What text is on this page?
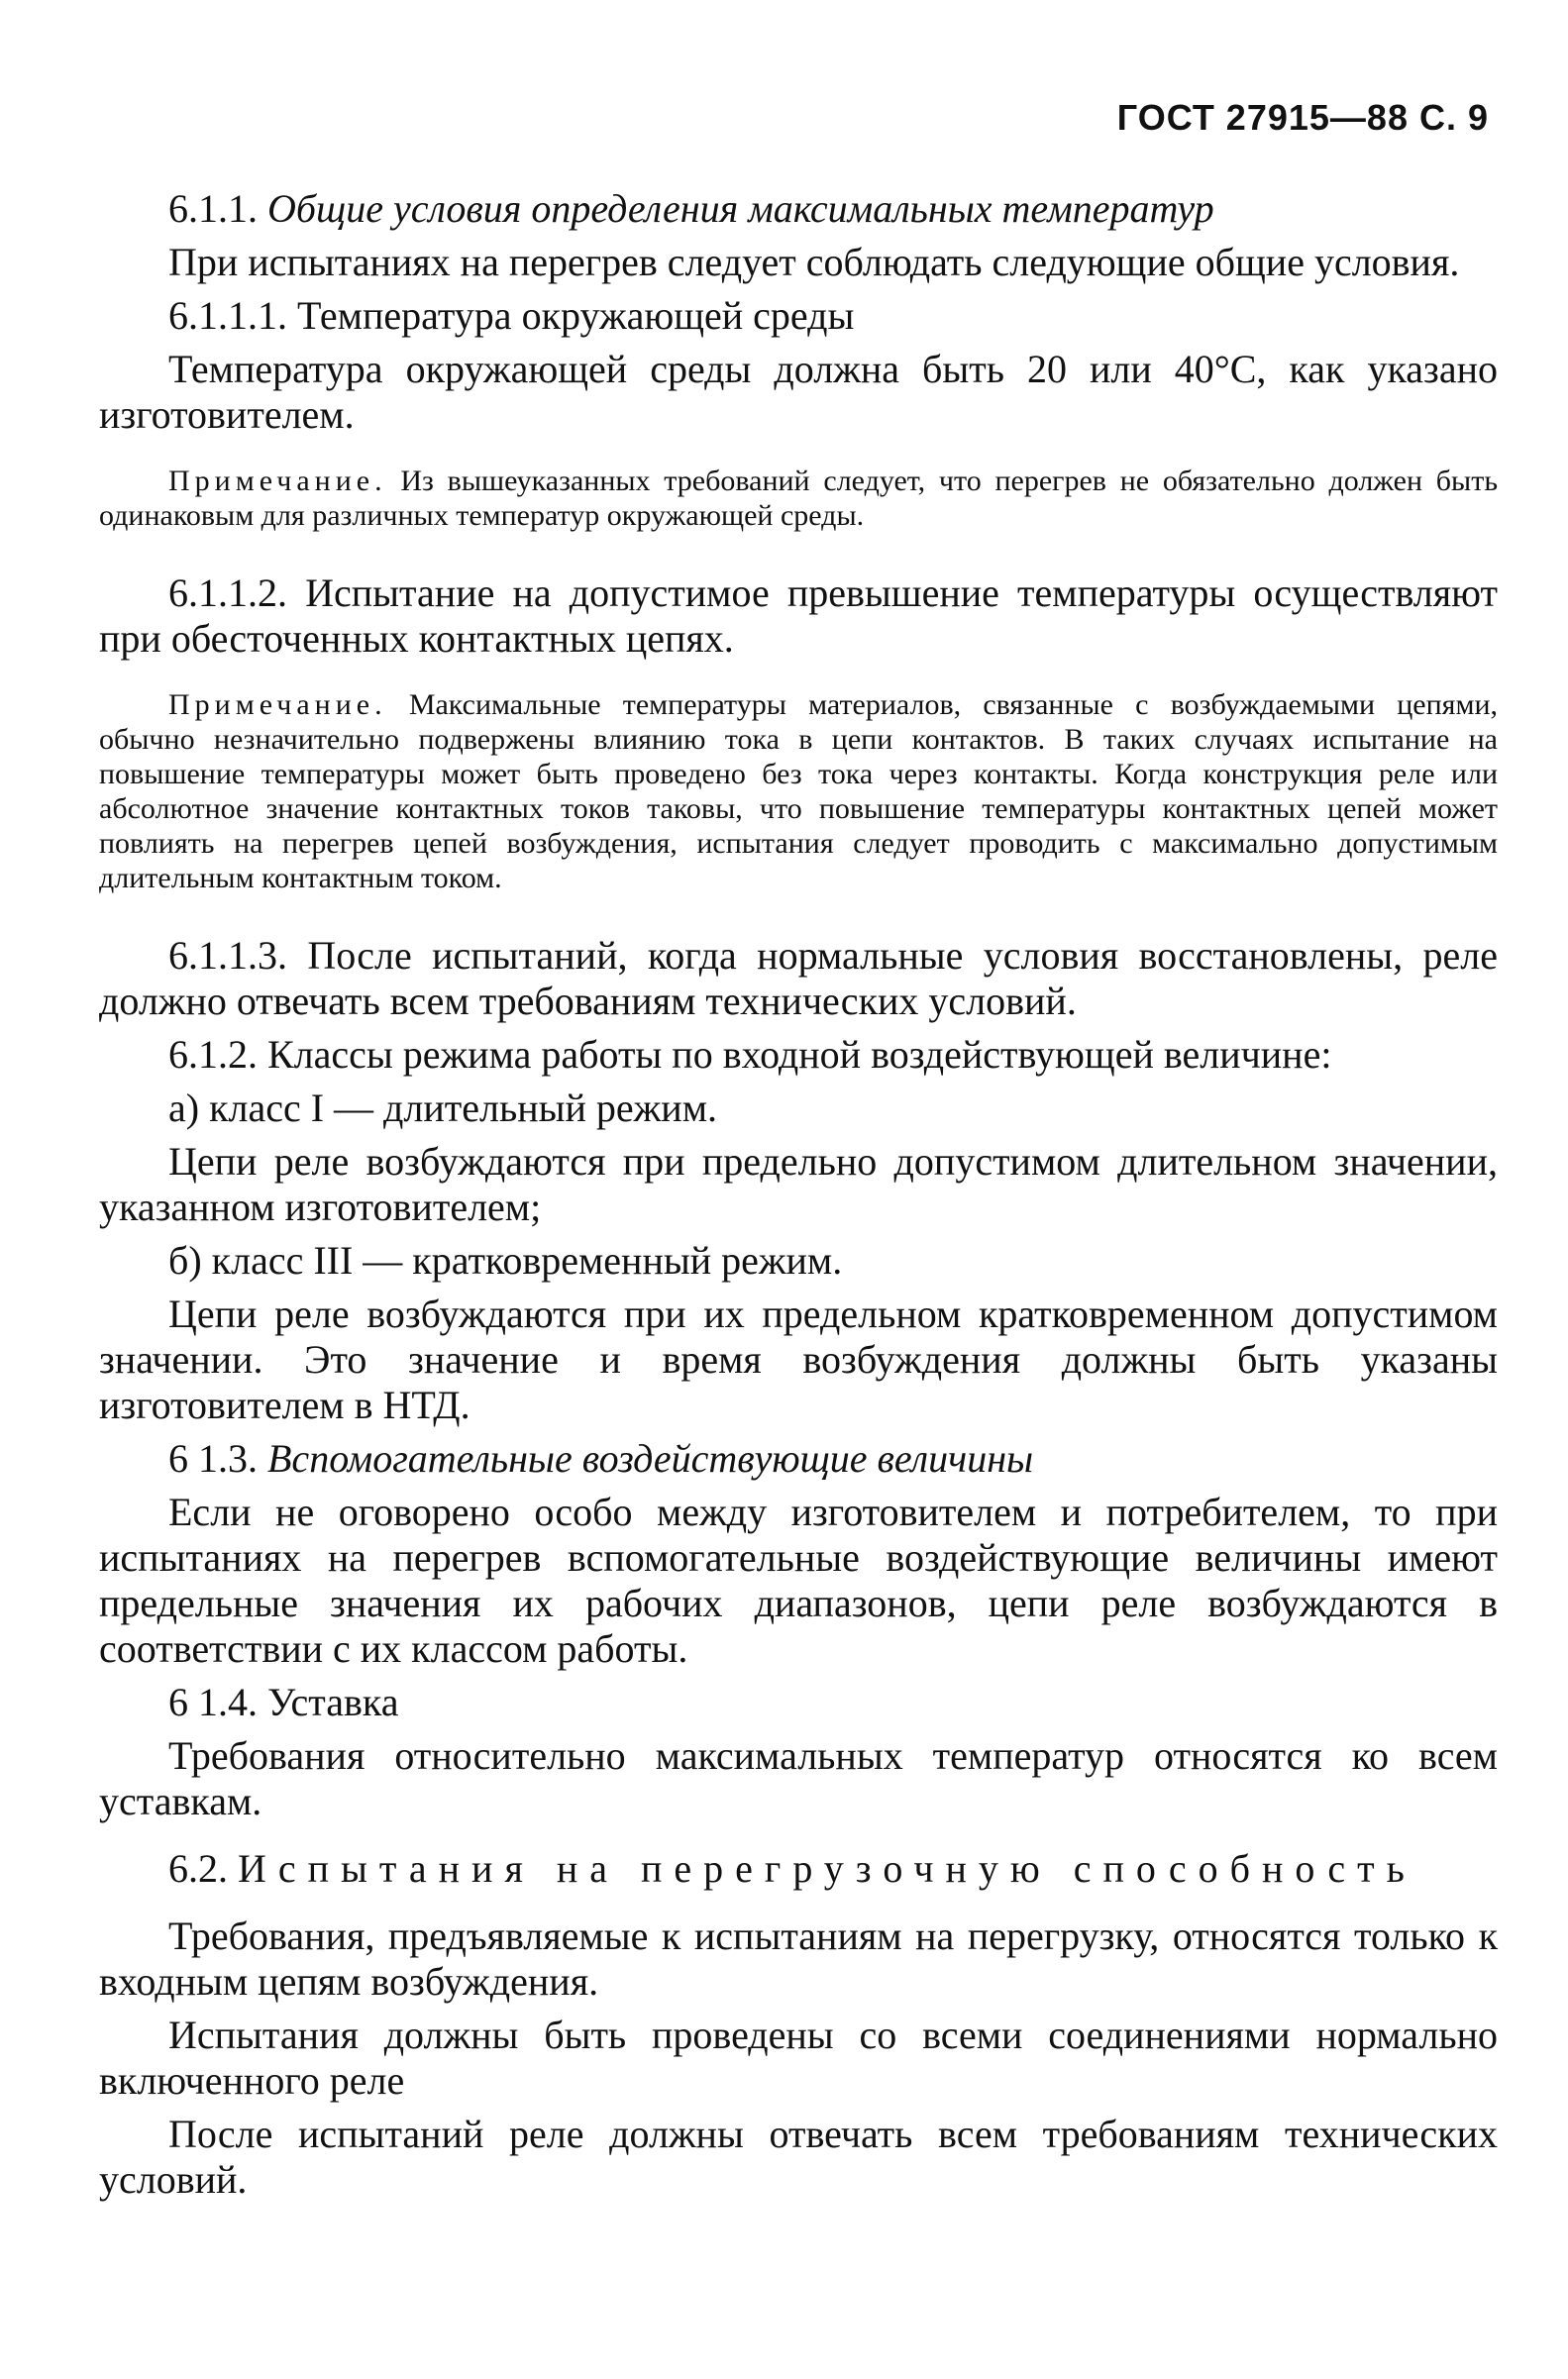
ГОСТ 27915—88 С. 9

6.1.1. Общие условия определения максимальных температур

При испытаниях на перегрев следует соблюдать следующие общие условия.

6.1.1.1. Температура окружающей среды

Температура окружающей среды должна быть 20 или 40°С, как указано изготовителем.

Примечание. Из вышеуказанных требований следует, что перегрев не обязательно должен быть одинаковым для различных температур окружающей среды.

6.1.1.2. Испытание на допустимое превышение температуры осуществляют при обесточенных контактных цепях.

Примечание. Максимальные температуры материалов, связанные с возбуждаемыми цепями, обычно незначительно подвержены влиянию тока в цепи контактов. В таких случаях испытание на повышение температуры может быть проведено без тока через контакты. Когда конструкция реле или абсолютное значение контактных токов таковы, что повышение температуры контактных цепей может повлиять на перегрев цепей возбуждения, испытания следует проводить с максимально допустимым длительным контактным током.

6.1.1.3. После испытаний, когда нормальные условия восстановлены, реле должно отвечать всем требованиям технических условий.

6.1.2. Классы режима работы по входной воздействующей величине:

а) класс I — длительный режим.

Цепи реле возбуждаются при предельно допустимом длительном значении, указанном изготовителем;

б) класс III — кратковременный режим.

Цепи реле возбуждаются при их предельном кратковременном допустимом значении. Это значение и время возбуждения должны быть указаны изготовителем в НТД.

6 1.3. Вспомогательные воздействующие величины

Если не оговорено особо между изготовителем и потребителем, то при испытаниях на перегрев вспомогательные воздействующие величины имеют предельные значения их рабочих диапазонов, цепи реле возбуждаются в соответствии с их классом работы.

6 1.4. Уставка

Требования относительно максимальных температур относятся ко всем уставкам.

6.2. Испытания на перегрузочную способность

Требования, предъявляемые к испытаниям на перегрузку, относятся только к входным цепям возбуждения.

Испытания должны быть проведены со всеми соединениями нормально включенного реле

После испытаний реле должны отвечать всем требованиям технических условий.
